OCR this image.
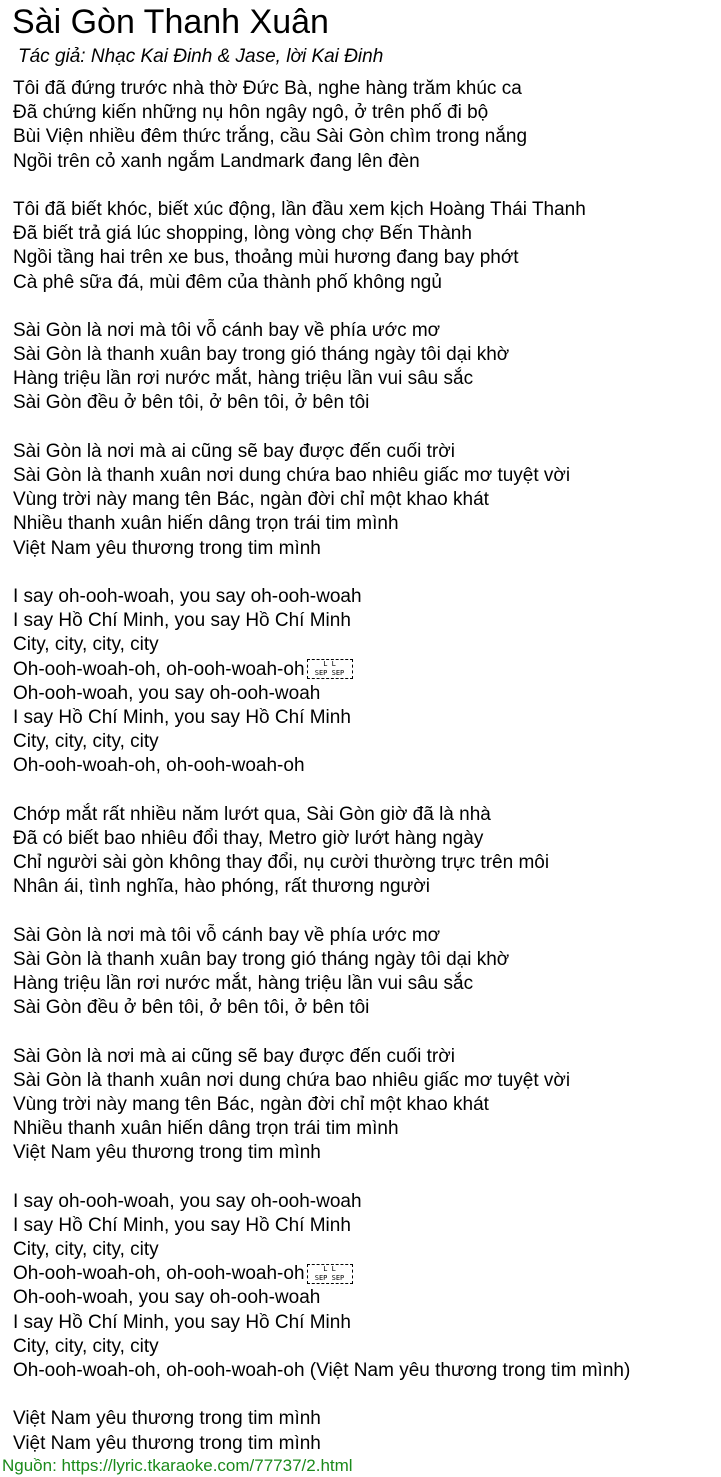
Sài Gòn Thanh Xuân
Tác giả: Nhạc Kai Đinh & Jase, lời Kai Đinh
Tôi đã đứng trước nhà thờ Đức Bà, nghe hàng trăm khúc ca
Đã chứng kiến những nụ hôn ngây ngô, ở trên phố đi bộ
Bùi Viện nhiều đêm thức trắng, cầu Sài Gòn chìm trong nắng
Ngồi trên cỏ xanh ngắm Landmark đang lên đèn
Tôi đã biết khóc, biết xúc động, lần đầu xem kịch Hoàng Thái Thanh
Đã biết trả giá lúc shopping, lòng vòng chợ Bến Thành
Ngồi tầng hai trên xe bus, thoảng mùi hương đang bay phớt
Cà phê sữa đá, mùi đêm của thành phố không ngủ
Sài Gòn là nơi mà tôi vỗ cánh bay về phía ước mơ
Sài Gòn là thanh xuân bay trong gió tháng ngày tôi dại khờ
Hàng triệu lần rơi nước mắt, hàng triệu lần vui sâu sắc
Sài Gòn đều ở bên tôi, ở bên tôi, ở bên tôi
Sài Gòn là nơi mà ai cũng sẽ bay được đến cuối trời
Sài Gòn là thanh xuân nơi dung chứa bao nhiêu giấc mơ tuyệt vời
Vùng trời này mang tên Bác, ngàn đời chỉ một khao khát
Nhiều thanh xuân hiến dâng trọn trái tim mình
Việt Nam yêu thương trong tim mình
I say oh-ooh-woah, you say oh-ooh-woah
I say Hồ Chí Minh, you say Hồ Chí Minh
City, city, city, city
Oh-ooh-woah-oh, oh-ooh-woah-oh	L L
SEP SEP
Oh-ooh-woah, you say oh-ooh-woah
I say Hồ Chí Minh, you say Hồ Chí Minh
City, city, city, city
Oh-ooh-woah-oh, oh-ooh-woah-oh
Chớp mắt rất nhiều năm lướt qua, Sài Gòn giờ đã là nhà
Đã có biết bao nhiêu đổi thay, Metro giờ lướt hàng ngày
Chỉ người sài gòn không thay đổi, nụ cười thường trực trên môi
Nhân ái, tình nghĩa, hào phóng, rất thương người
Sài Gòn là nơi mà tôi vỗ cánh bay về phía ước mơ
Sài Gòn là thanh xuân bay trong gió tháng ngày tôi dại khờ
Hàng triệu lần rơi nước mắt, hàng triệu lần vui sâu sắc
Sài Gòn đều ở bên tôi, ở bên tôi, ở bên tôi
Sài Gòn là nơi mà ai cũng sẽ bay được đến cuối trời
Sài Gòn là thanh xuân nơi dung chứa bao nhiêu giấc mơ tuyệt vời
Vùng trời này mang tên Bác, ngàn đời chỉ một khao khát
Nhiều thanh xuân hiến dâng trọn trái tim mình
Việt Nam yêu thương trong tim mình
I say oh-ooh-woah, you say oh-ooh-woah
I say Hồ Chí Minh, you say Hồ Chí Minh
City, city, city, city
Oh-ooh-woah-oh, oh-ooh-woah-oh	L L
SEP SEP
Oh-ooh-woah, you say oh-ooh-woah
I say Hồ Chí Minh, you say Hồ Chí Minh
City, city, city, city
Oh-ooh-woah-oh, oh-ooh-woah-oh (Việt Nam yêu thương trong tim mình)
Việt Nam yêu thương trong tim mình
Việt Nam yêu thương trong tim mình
Nguồn: https://lyric.tkaraoke.com/77737/2.html
